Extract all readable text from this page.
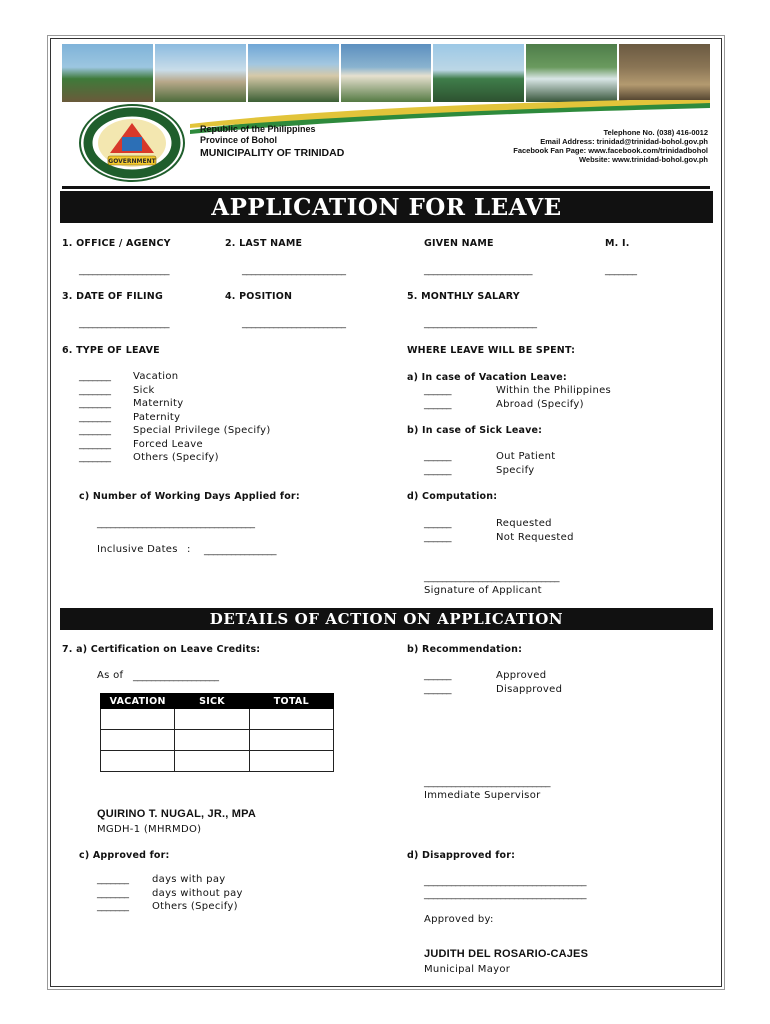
GOVERNMENT
Republic of the Philippines
Province of Bohol
MUNICIPALITY OF TRINIDAD
Telephone No. (038) 416-0012
Email Address: trinidad@trinidad-bohol.gov.ph
Facebook Fan Page: www.facebook.com/trinidadbohol
Website: www.trinidad-bohol.gov.ph
APPLICATION FOR LEAVE
1. OFFICE / AGENCY	2. LAST NAME	GIVEN NAME	M. I.
____________________	_______________________	________________________	_______
3. DATE OF FILING	4. POSITION	5. MONTHLY SALARY
____________________	_______________________	_________________________
6. TYPE OF LEAVE	WHERE LEAVE WILL BE SPENT:
_______ Vacation
_______ Sick
_______ Maternity
_______ Paternity
_______ Special Privilege (Specify)
_______ Forced Leave
_______ Others (Specify)
a) In case of Vacation Leave:
______	Within the Philippines
______	Abroad (Specify)
b) In case of Sick Leave:
______	Out Patient
______	Specify
c) Number of Working Days Applied for:	d) Computation:
___________________________________
Inclusive Dates : ________________
______	Requested
______	Not Requested
______________________________
Signature of Applicant
DETAILS OF ACTION ON APPLICATION
7. a) Certification on Leave Credits:	b) Recommendation:
As of ___________________
VACATION	SICK	TOTAL

______	Approved
______	Disapproved
____________________________
Immediate Supervisor
QUIRINO T. NUGAL, JR., MPA
MGDH-1 (MHRMDO)
c) Approved for:	d) Disapproved for:
_______ days with pay
_______ days without pay
_______ Others (Specify)
____________________________________
____________________________________
Approved by:
JUDITH DEL ROSARIO-CAJES
Municipal Mayor
